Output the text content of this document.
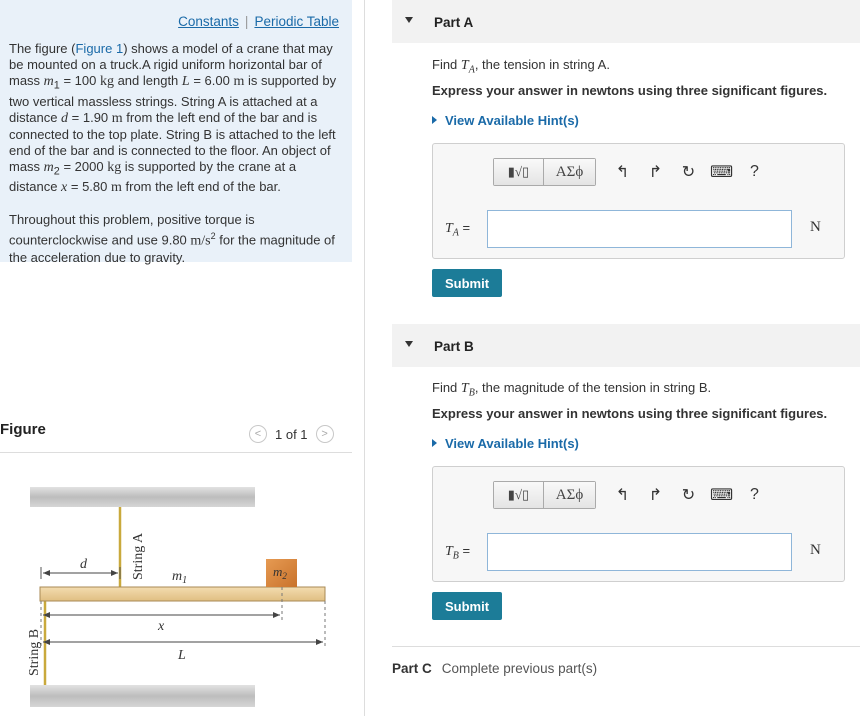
Constants | Periodic Table

The figure (Figure 1) shows a model of a crane that may be mounted on a truck.A rigid uniform horizontal bar of mass $m_1 = 100$ kg and length L = 6.00 m is supported by two vertical massless strings. String A is attached at a distance d = 1.90 m from the left end of the bar and is connected to the top plate. String B is attached to the left end of the bar and is connected to the floor. An object of mass $m_2 = 2000$ kg is supported by the crane at a distance x = 5.80 m from the left end of the bar.

Throughout this problem, positive torque is counterclockwise and use 9.80 $m/s^2$ for the magnitude of the acceleration due to gravity.

Figure	< 1 of 1 >
$m_2$
d	String A $m_1$
x
L
String B
Part A
Find $T_A$, the tension in string A.
Express your answer in newtons using three significant figures.
View Available Hint(s)
▮√▯ ΑΣϕ	↰	↱	↻ ⌨	?
$T_A$ =	N
Submit
Part B
Find $T_B$, the magnitude of the tension in string B.
Express your answer in newtons using three significant figures.
View Available Hint(s)
▮√▯ ΑΣϕ	↰	↱	↻ ⌨	?
$T_B$ =	N
Submit
Part C Complete previous part(s)
